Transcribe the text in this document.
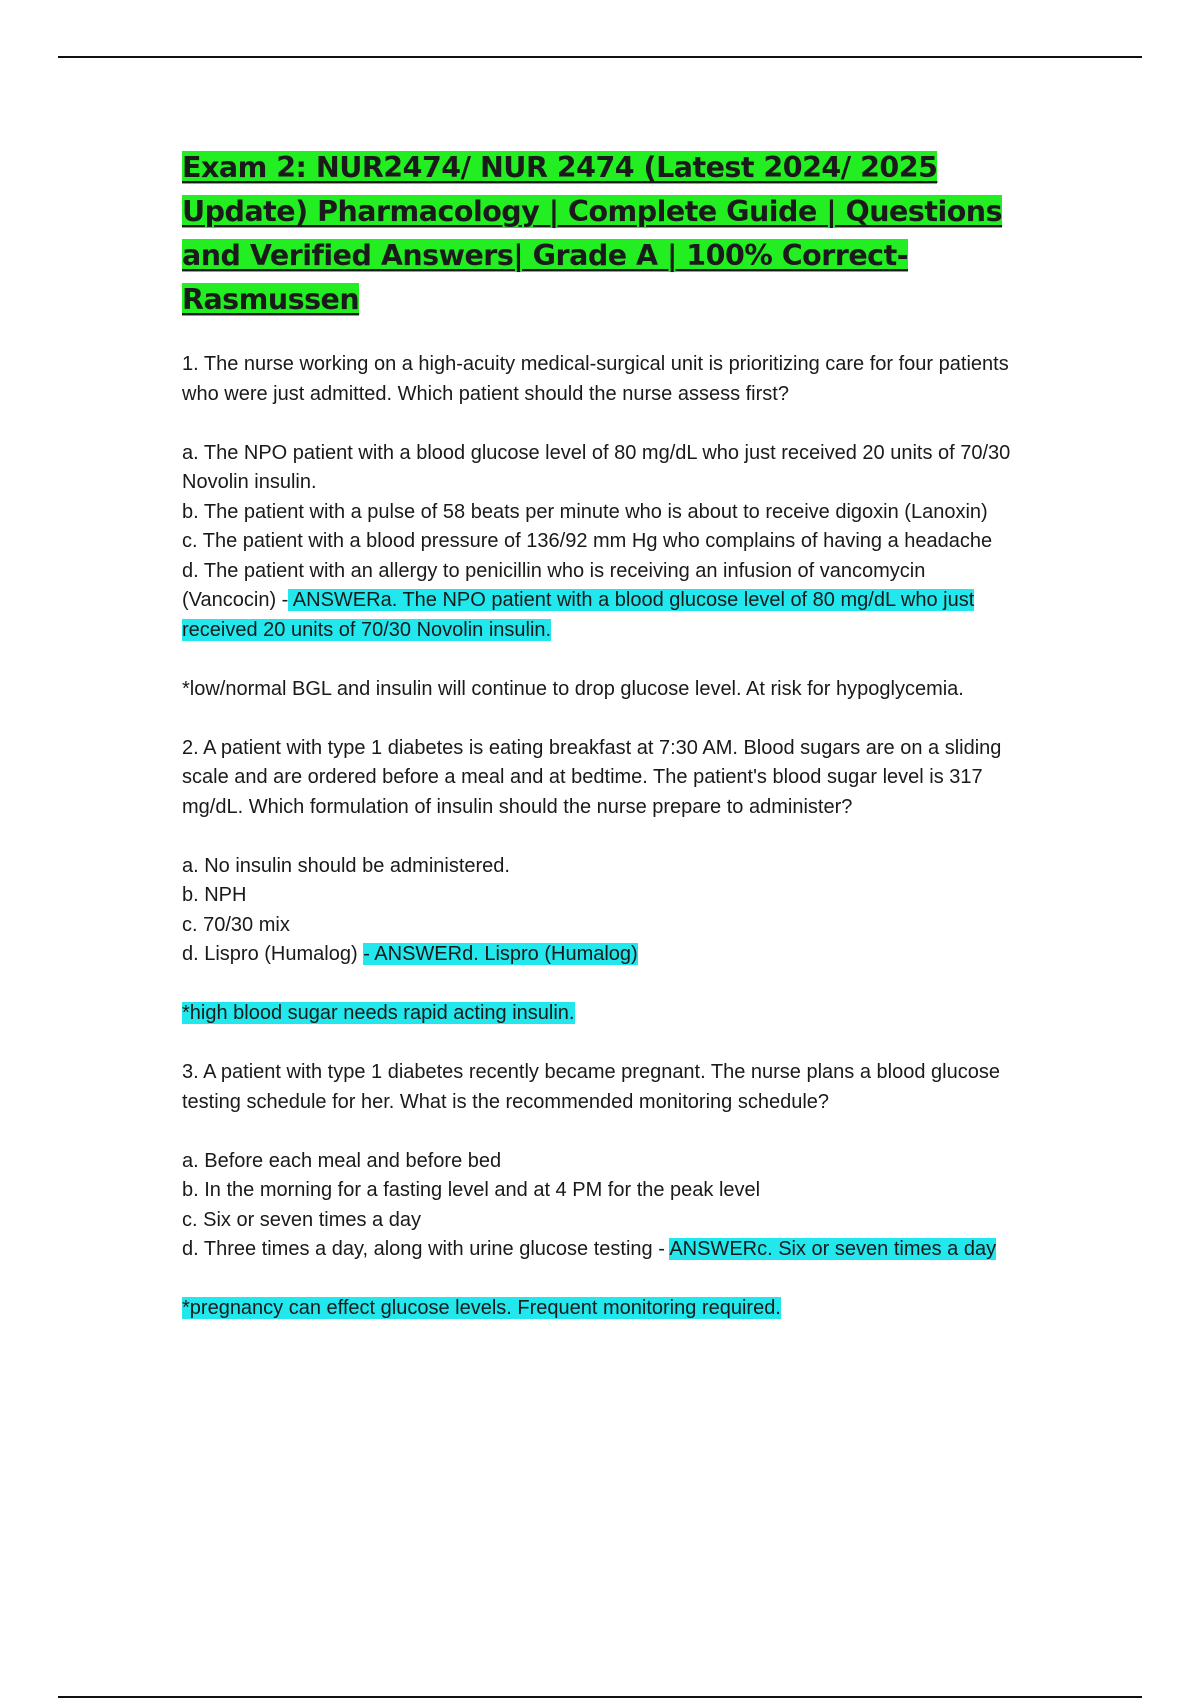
Exam 2: NUR2474/ NUR 2474 (Latest 2024/ 2025 Update) Pharmacology | Complete Guide | Questions and Verified Answers| Grade A | 100% Correct- Rasmussen

1. The nurse working on a high-acuity medical-surgical unit is prioritizing care for four patients who were just admitted. Which patient should the nurse assess first?

a. The NPO patient with a blood glucose level of 80 mg/dL who just received 20 units of 70/30 Novolin insulin.

b. The patient with a pulse of 58 beats per minute who is about to receive digoxin (Lanoxin)

c. The patient with a blood pressure of 136/92 mm Hg who complains of having a headache

d. The patient with an allergy to penicillin who is receiving an infusion of vancomycin (Vancocin) - ANSWERa. The NPO patient with a blood glucose level of 80 mg/dL who just received 20 units of 70/30 Novolin insulin.

*low/normal BGL and insulin will continue to drop glucose level. At risk for hypoglycemia.

2. A patient with type 1 diabetes is eating breakfast at 7:30 AM. Blood sugars are on a sliding scale and are ordered before a meal and at bedtime. The patient's blood sugar level is 317 mg/dL. Which formulation of insulin should the nurse prepare to administer?

a. No insulin should be administered.

b. NPH

c. 70/30 mix

d. Lispro (Humalog) - ANSWERd. Lispro (Humalog)

*high blood sugar needs rapid acting insulin.

3. A patient with type 1 diabetes recently became pregnant. The nurse plans a blood glucose testing schedule for her. What is the recommended monitoring schedule?

a. Before each meal and before bed

b. In the morning for a fasting level and at 4 PM for the peak level

c. Six or seven times a day

d. Three times a day, along with urine glucose testing - ANSWERc. Six or seven times a day

*pregnancy can effect glucose levels. Frequent monitoring required.
